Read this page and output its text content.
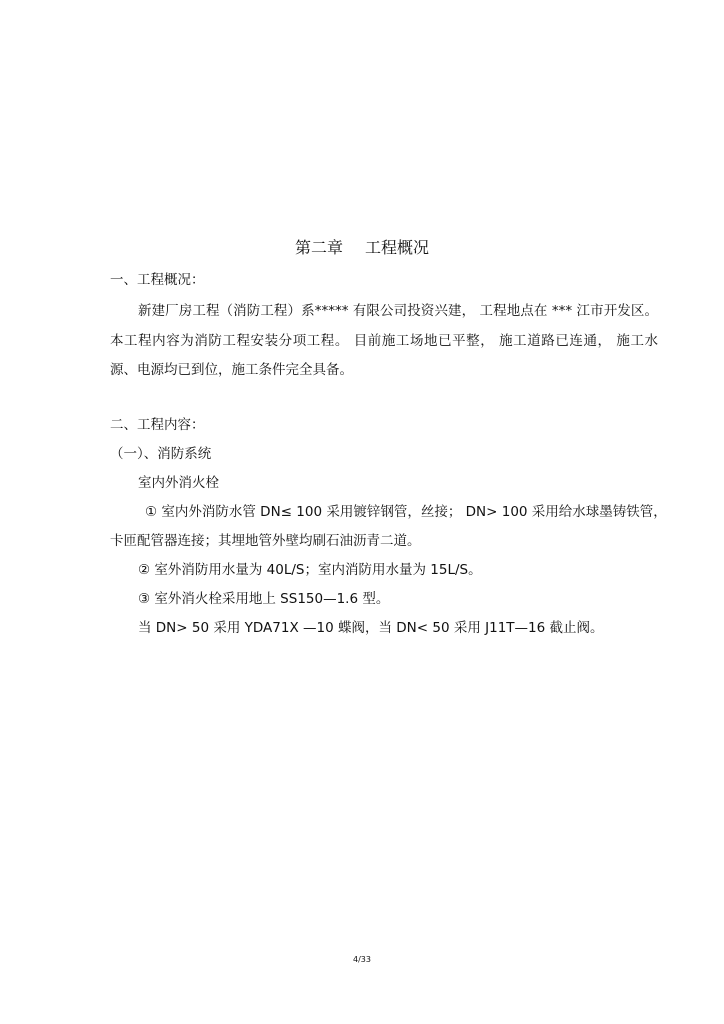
第二章 工程概况
一、工程概况：
新建厂房工程（消防工程）系***** 有限公司投资兴建， 工程地点在 *** 江市开发区。
本工程内容为消防工程安装分项工程。 目前施工场地已平整， 施工道路已连通， 施工水
源、电源均已到位，施工条件完全具备。
二、工程内容：
（一）、消防系统
室内外消火栓
① 室内外消防水管 DN≤ 100 采用镀锌钢管，丝接； DN> 100 采用给水球墨铸铁管，
卡匝配管器连接；其埋地管外壁均刷石油沥青二道。
② 室外消防用水量为 40L/S；室内消防用水量为 15L/S。
③ 室外消火栓采用地上 SS150—1.6 型。
当 DN> 50 采用 YDA71X —10 蝶阀，当 DN< 50 采用 J11T—16 截止阀。
4/33
